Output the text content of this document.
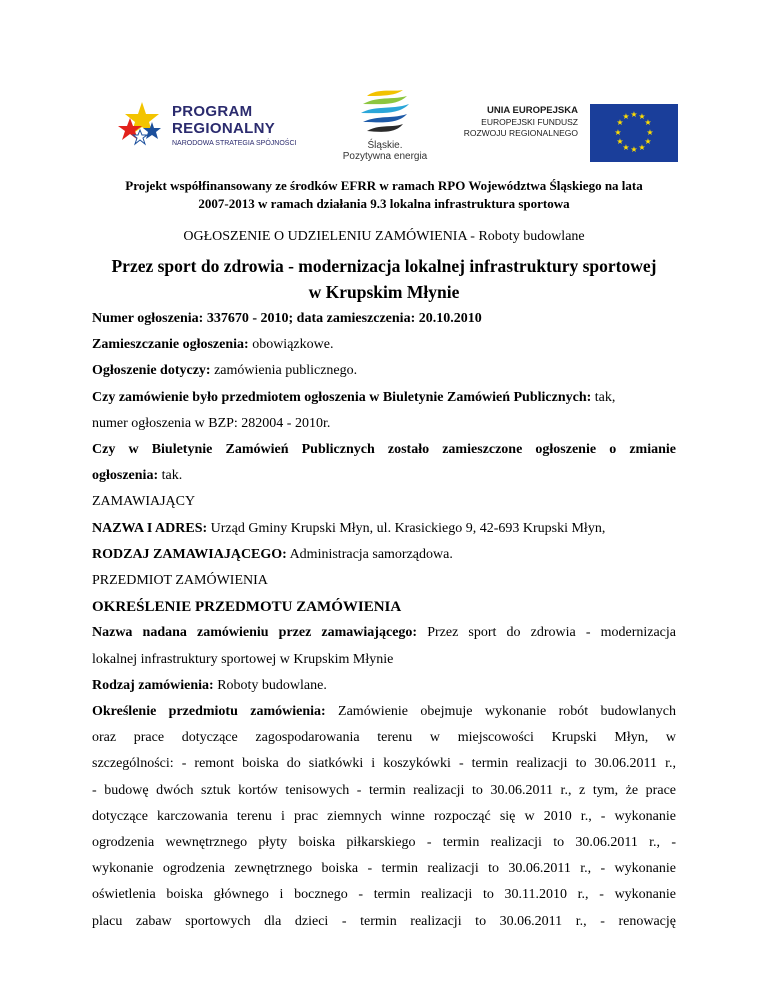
PROGRAM
REGIONALNY
NARODOWA STRATEGIA SPÓJNOŚCI	Śląskie.
Pozytywna energia
UNIA EUROPEJSKA
EUROPEJSKI FUNDUSZ
ROZWOJU REGIONALNEGO
★ ★
★
★
★
★
★
★
★
★
★
★
Projekt współfinansowany ze środków EFRR w ramach RPO Województwa Śląskiego na lata
2007-2013 w ramach działania 9.3 lokalna infrastruktura sportowa
OGŁOSZENIE O UDZIELENIU ZAMÓWIENIA - Roboty budowlane
Przez sport do zdrowia - modernizacja lokalnej infrastruktury sportowej
w Krupskim Młynie

Numer ogłoszenia: 337670 - 2010; data zamieszczenia: 20.10.2010

Zamieszczanie ogłoszenia: obowiązkowe.

Ogłoszenie dotyczy: zamówienia publicznego.

Czy zamówienie było przedmiotem ogłoszenia w Biuletynie Zamówień Publicznych: tak,

numer ogłoszenia w BZP: 282004 - 2010r.

Czy w Biuletynie Zamówień Publicznych zostało zamieszczone ogłoszenie o zmianie

ogłoszenia: tak.

ZAMAWIAJĄCY

NAZWA I ADRES: Urząd Gminy Krupski Młyn, ul. Krasickiego 9, 42-693 Krupski Młyn,

RODZAJ ZAMAWIAJĄCEGO: Administracja samorządowa.

PRZEDMIOT ZAMÓWIENIA

OKREŚLENIE PRZEDMOTU ZAMÓWIENIA

Nazwa nadana zamówieniu przez zamawiającego: Przez sport do zdrowia - modernizacja

lokalnej infrastruktury sportowej w Krupskim Młynie

Rodzaj zamówienia: Roboty budowlane.

Określenie przedmiotu zamówienia: Zamówienie obejmuje wykonanie robót budowlanych

oraz prace dotyczące zagospodarowania terenu w miejscowości Krupski Młyn, w

szczególności: - remont boiska do siatkówki i koszykówki - termin realizacji to 30.06.2011 r.,

- budowę dwóch sztuk kortów tenisowych - termin realizacji to 30.06.2011 r., z tym, że prace

dotyczące karczowania terenu i prac ziemnych winne rozpocząć się w 2010 r., - wykonanie

ogrodzenia wewnętrznego płyty boiska piłkarskiego - termin realizacji to 30.06.2011 r., -

wykonanie ogrodzenia zewnętrznego boiska - termin realizacji to 30.06.2011 r., - wykonanie

oświetlenia boiska głównego i bocznego - termin realizacji to 30.11.2010 r., - wykonanie

placu zabaw sportowych dla dzieci - termin realizacji to 30.06.2011 r., - renowację
